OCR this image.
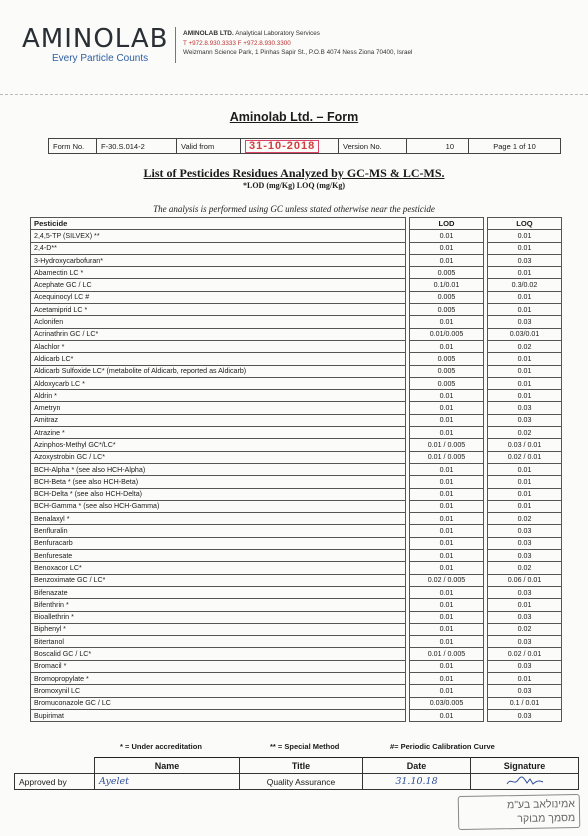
AMINOLAB
Every Particle Counts
AMINOLAB LTD. Analytical Laboratory Services
T +972.8.930.3333 F +972.8.930.3300
Weizmann Science Park, 1 Pinhas Sapir St., P.O.B 4074 Ness Ziona 70400, Israel
Aminolab Ltd. – Form
Form No.	F-30.S.014-2	Valid from	31-10-2018	Version No.	10	Page 1 of 10
List of Pesticides Residues Analyzed by GC-MS & LC-MS.
*LOD (mg/Kg) LOQ (mg/Kg)
The analysis is performed using GC unless stated otherwise near the pesticide
Pesticide		LOD		LOQ
2,4,5-TP (SILVEX) **		0.01		0.01
2,4-D**		0.01		0.01
3-Hydroxycarbofuran*		0.01		0.03
Abamectin LC *		0.005		0.01
Acephate GC / LC		0.1/0.01		0.3/0.02
Acequinocyl LC #		0.005		0.01
Acetamiprid LC *		0.005		0.01
Aclonifen		0.01		0.03
Acrinathrin GC / LC*		0.01/0.005		0.03/0.01
Alachlor *		0.01		0.02
Aldicarb LC*		0.005		0.01
Aldicarb Sulfoxide LC* (metabolite of Aldicarb, reported as Aldicarb)		0.005		0.01
Aldoxycarb LC *		0.005		0.01
Aldrin *		0.01		0.01
Ametryn		0.01		0.03
Amitraz		0.01		0.03
Atrazine *		0.01		0.02
Azinphos-Methyl GC*/LC*		0.01 / 0.005		0.03 / 0.01
Azoxystrobin GC / LC*		0.01 / 0.005		0.02 / 0.01
BCH-Alpha * (see also HCH-Alpha)		0.01		0.01
BCH-Beta * (see also HCH-Beta)		0.01		0.01
BCH-Delta * (see also HCH-Delta)		0.01		0.01
BCH-Gamma * (see also HCH-Gamma)		0.01		0.01
Benalaxyl *		0.01		0.02
Benfluralin		0.01		0.03
Benfuracarb		0.01		0.03
Benfuresate		0.01		0.03
Benoxacor LC*		0.01		0.02
Benzoximate GC / LC*		0.02 / 0.005		0.06 / 0.01
Bifenazate		0.01		0.03
Bifenthrin *		0.01		0.01
Bioallethrin *		0.01		0.03
Biphenyl *		0.01		0.02
Bitertanol		0.01		0.03
Boscalid GC / LC*		0.01 / 0.005		0.02 / 0.01
Bromacil *		0.01		0.03
Bromopropylate *		0.01		0.01
Bromoxynil LC		0.01		0.03
Bromuconazole GC / LC		0.03/0.005		0.1 / 0.01
Bupirimat		0.01		0.03
* = Under accreditation	** = Special Method	#= Periodic Calibration Curve
	Name	Title	Date	Signature
Approved by	Ayelet	Quality Assurance	31.10.18	
אמינולאב בע"מ
מסמך מבוקר
